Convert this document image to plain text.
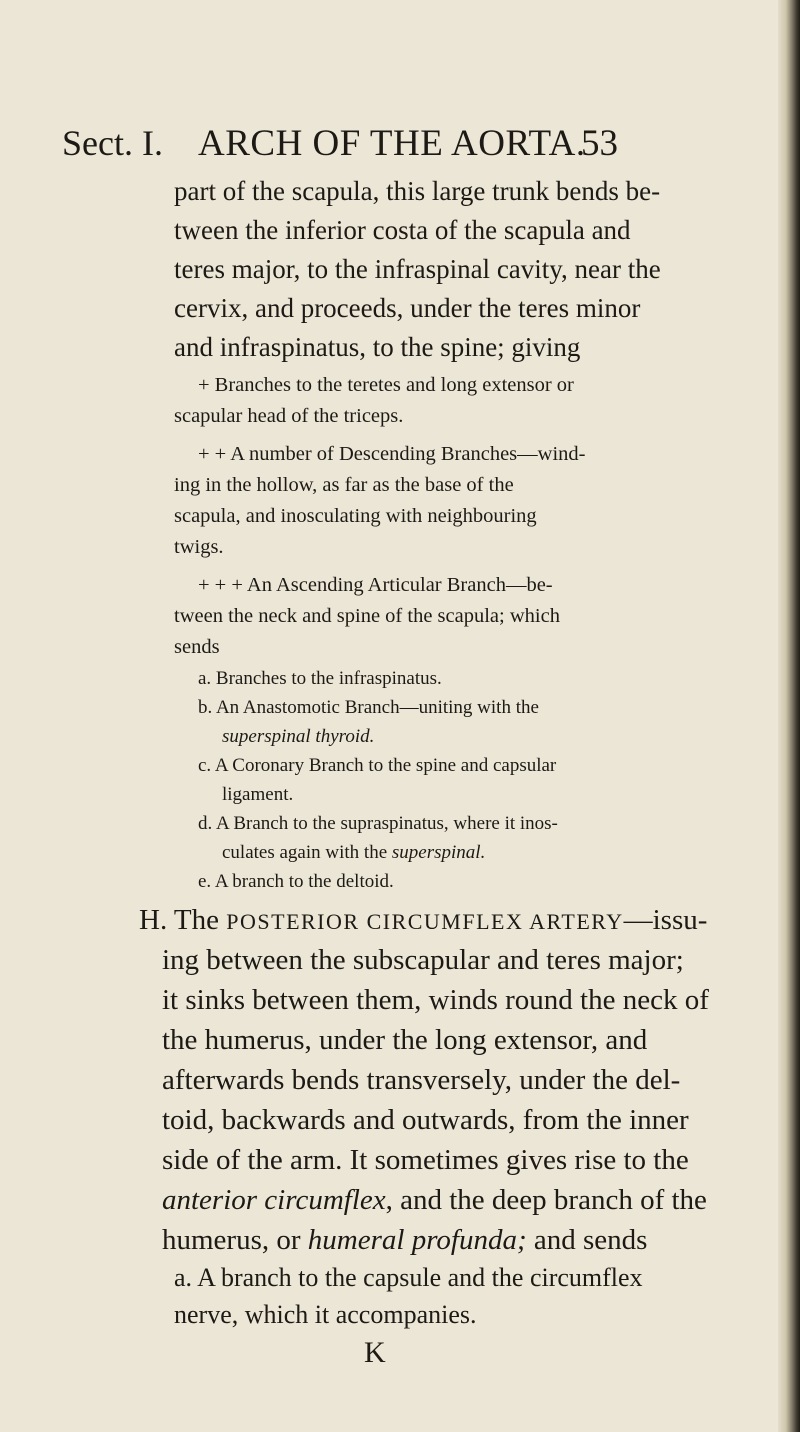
Sect. I. ARCH OF THE AORTA.
53
part of the scapula, this large trunk bends be-
tween the inferior costa of the scapula and
teres major, to the infraspinal cavity, near the
cervix, and proceeds, under the teres minor
and infraspinatus, to the spine; giving
+ Branches to the teretes and long extensor or
scapular head of the triceps.
+ + A number of Descending Branches—wind-
ing in the hollow, as far as the base of the
scapula, and inosculating with neighbouring
twigs.
+ + + An Ascending Articular Branch—be-
tween the neck and spine of the scapula; which
sends
a. Branches to the infraspinatus.
b. An Anastomotic Branch—uniting with the
superspinal thyroid.
c. A Coronary Branch to the spine and capsular
ligament.
d. A Branch to the supraspinatus, where it inos-
culates again with the superspinal.
e. A branch to the deltoid.
H. The POSTERIOR CIRCUMFLEX ARTERY—issu-
ing between the subscapular and teres major;
it sinks between them, winds round the neck of
the humerus, under the long extensor, and
afterwards bends transversely, under the del-
toid, backwards and outwards, from the inner
side of the arm. It sometimes gives rise to the
anterior circumflex, and the deep branch of the
humerus, or humeral profunda; and sends
a. A branch to the capsule and the circumflex
nerve, which it accompanies.
K
